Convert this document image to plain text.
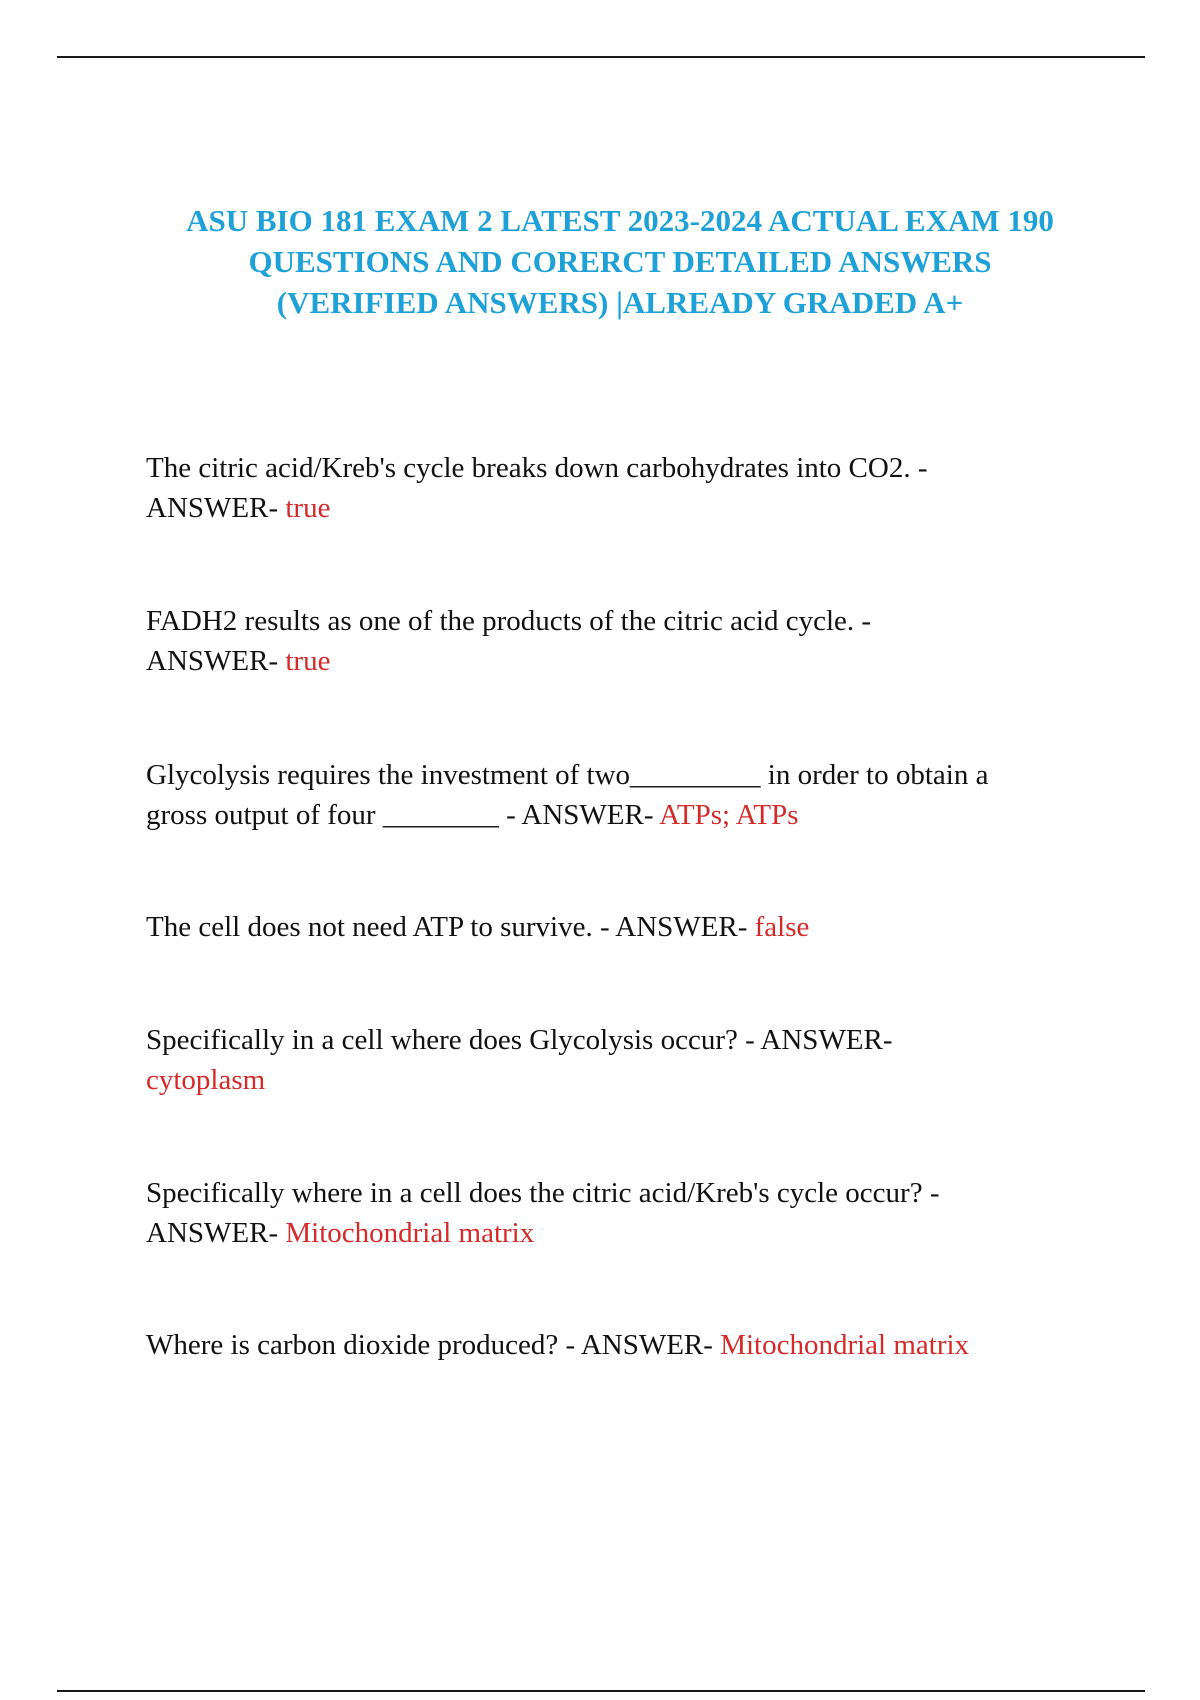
ASU BIO 181 EXAM 2 LATEST 2023-2024 ACTUAL EXAM 190
QUESTIONS AND CORERCT DETAILED ANSWERS
(VERIFIED ANSWERS) |ALREADY GRADED A+
The citric acid/Kreb's cycle breaks down carbohydrates into CO2. -
ANSWER- true
FADH2 results as one of the products of the citric acid cycle. -
ANSWER- true
Glycolysis requires the investment of two_________ in order to obtain a
gross output of four ________ - ANSWER- ATPs; ATPs
The cell does not need ATP to survive. - ANSWER- false
Specifically in a cell where does Glycolysis occur? - ANSWER-
cytoplasm
Specifically where in a cell does the citric acid/Kreb's cycle occur? -
ANSWER- Mitochondrial matrix
Where is carbon dioxide produced? - ANSWER- Mitochondrial matrix
